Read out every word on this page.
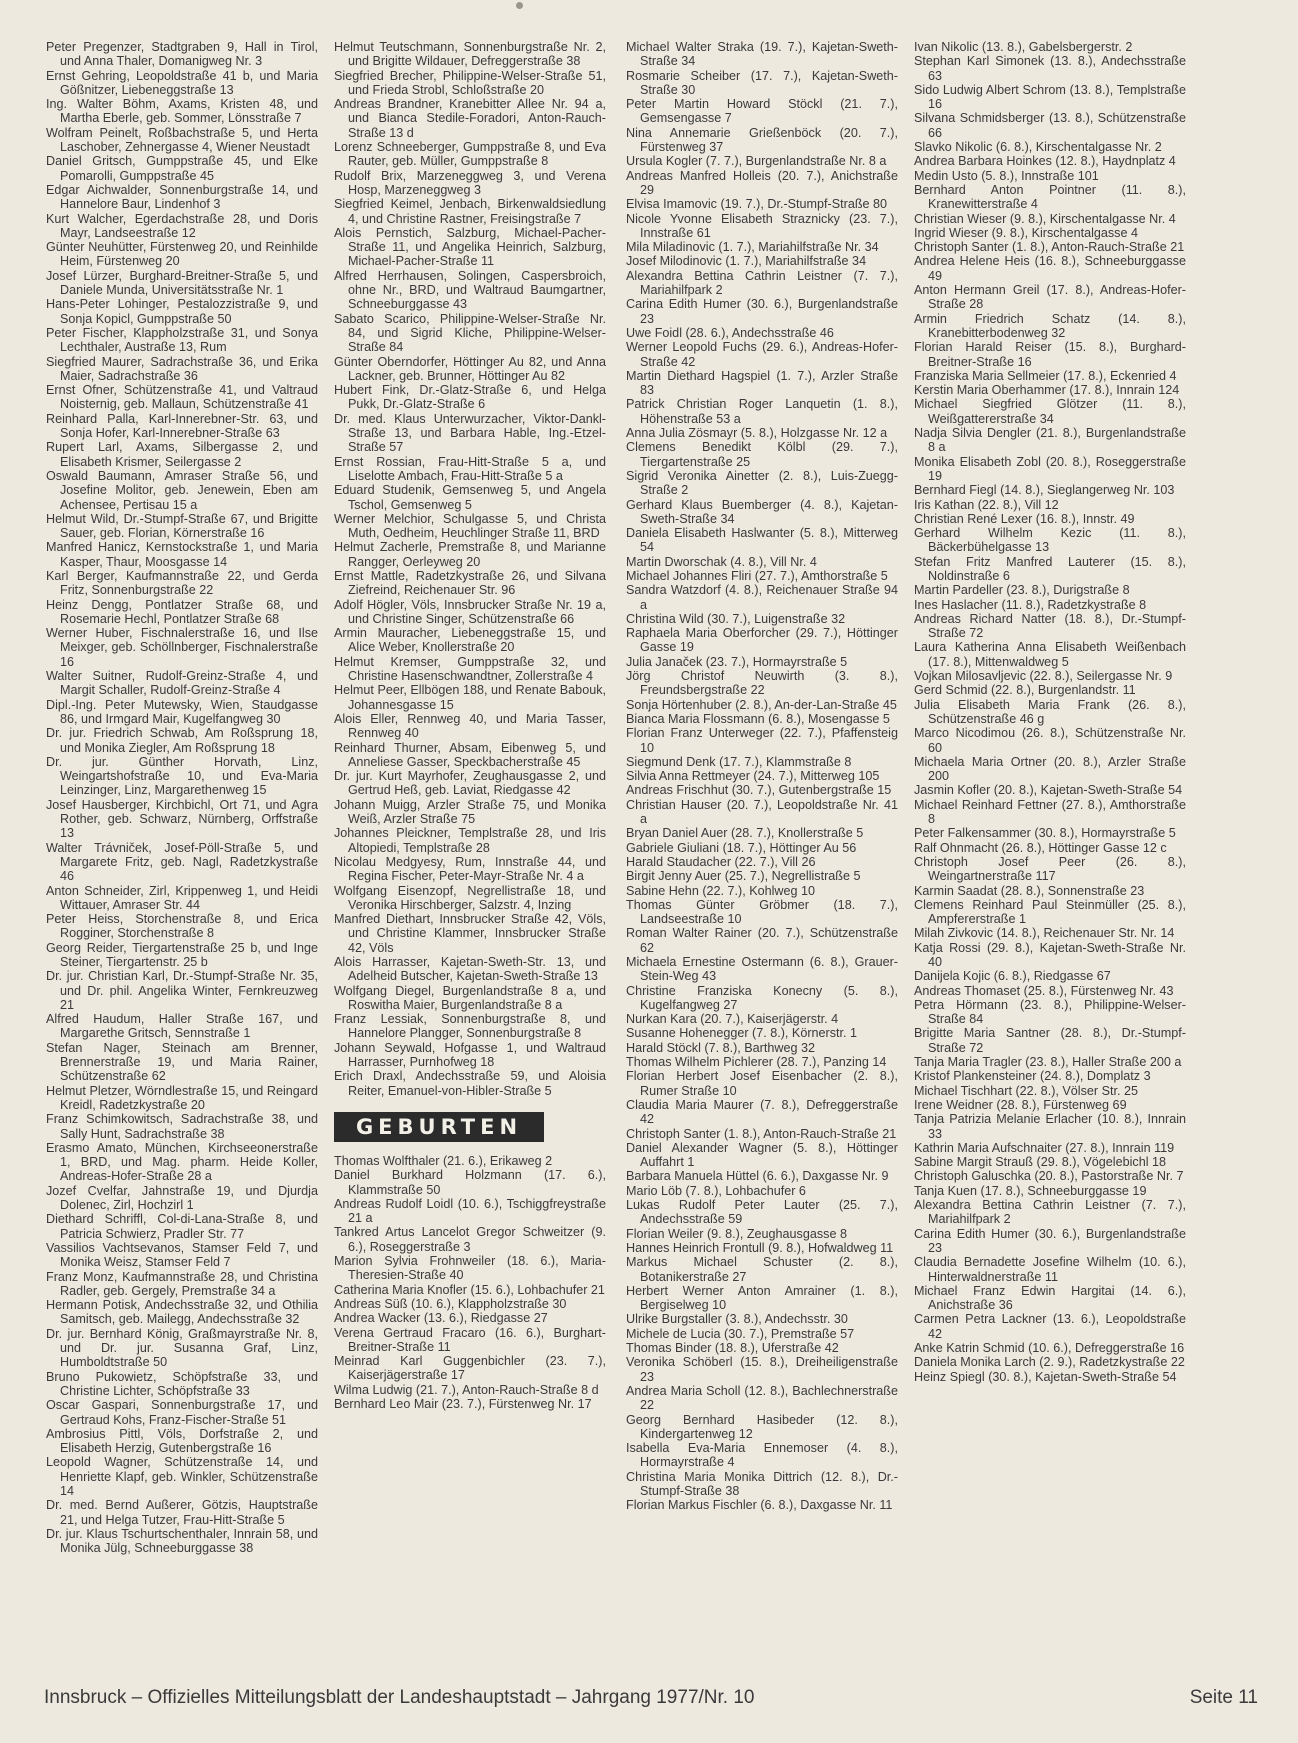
Peter Pregenzer, Stadtgraben 9, Hall in Tirol, und Anna Thaler, Domanigweg Nr. 3

Ernst Gehring, Leopoldstraße 41 b, und Maria Gößnitzer, Liebeneggstraße 13

Ing. Walter Böhm, Axams, Kristen 48, und Martha Eberle, geb. Sommer, Lönsstraße 7

Wolfram Peinelt, Roßbachstraße 5, und Herta Laschober, Zehnergasse 4, Wiener Neustadt

Daniel Gritsch, Gumppstraße 45, und Elke Pomarolli, Gumppstraße 45

Edgar Aichwalder, Sonnenburgstraße 14, und Hannelore Baur, Lindenhof 3

Kurt Walcher, Egerdachstraße 28, und Doris Mayr, Landseestraße 12

Günter Neuhütter, Fürstenweg 20, und Reinhilde Heim, Fürstenweg 20

Josef Lürzer, Burghard-Breitner-Straße 5, und Daniele Munda, Universitätsstraße Nr. 1

Hans-Peter Lohinger, Pestalozzistraße 9, und Sonja Kopicl, Gumppstraße 50

Peter Fischer, Klappholzstraße 31, und Sonya Lechthaler, Austraße 13, Rum

Siegfried Maurer, Sadrachstraße 36, und Erika Maier, Sadrachstraße 36

Ernst Ofner, Schützenstraße 41, und Valtraud Noisternig, geb. Mallaun, Schützenstraße 41

Reinhard Palla, Karl-Innerebner-Str. 63, und Sonja Hofer, Karl-Innerebner-Straße 63

Rupert Larl, Axams, Silbergasse 2, und Elisabeth Krismer, Seilergasse 2

Oswald Baumann, Amraser Straße 56, und Josefine Molitor, geb. Jenewein, Eben am Achensee, Pertisau 15 a

Helmut Wild, Dr.-Stumpf-Straße 67, und Brigitte Sauer, geb. Florian, Körnerstraße 16

Manfred Hanicz, Kernstockstraße 1, und Maria Kasper, Thaur, Moosgasse 14

Karl Berger, Kaufmannstraße 22, und Gerda Fritz, Sonnenburgstraße 22

Heinz Dengg, Pontlatzer Straße 68, und Rosemarie Hechl, Pontlatzer Straße 68

Werner Huber, Fischnalerstraße 16, und Ilse Meixger, geb. Schöllnberger, Fischnalerstraße 16

Walter Suitner, Rudolf-Greinz-Straße 4, und Margit Schaller, Rudolf-Greinz-Straße 4

Dipl.-Ing. Peter Mutewsky, Wien, Staudgasse 86, und Irmgard Mair, Kugelfangweg 30

Dr. jur. Friedrich Schwab, Am Roßsprung 18, und Monika Ziegler, Am Roßsprung 18

Dr. jur. Günther Horvath, Linz, Weingartshofstraße 10, und Eva-Maria Leinzinger, Linz, Margarethenweg 15

Josef Hausberger, Kirchbichl, Ort 71, und Agra Rother, geb. Schwarz, Nürnberg, Orffstraße 13

Walter Trávniček, Josef-Pöll-Straße 5, und Margarete Fritz, geb. Nagl, Radetzkystraße 46

Anton Schneider, Zirl, Krippenweg 1, und Heidi Wittauer, Amraser Str. 44

Peter Heiss, Storchenstraße 8, und Erica Rogginer, Storchenstraße 8

Georg Reider, Tiergartenstraße 25 b, und Inge Steiner, Tiergartenstr. 25 b

Dr. jur. Christian Karl, Dr.-Stumpf-Straße Nr. 35, und Dr. phil. Angelika Winter, Fernkreuzweg 21

Alfred Haudum, Haller Straße 167, und Margarethe Gritsch, Sennstraße 1

Stefan Nager, Steinach am Brenner, Brennerstraße 19, und Maria Rainer, Schützenstraße 62

Helmut Pletzer, Wörndlestraße 15, und Reingard Kreidl, Radetzkystraße 20

Franz Schimkowitsch, Sadrachstraße 38, und Sally Hunt, Sadrachstraße 38

Erasmo Amato, München, Kirchseeonerstraße 1, BRD, und Mag. pharm. Heide Koller, Andreas-Hofer-Straße 28 a

Jozef Cvelfar, Jahnstraße 19, und Djurdja Dolenec, Zirl, Hochzirl 1

Diethard Schriffl, Col-di-Lana-Straße 8, und Patricia Schwierz, Pradler Str. 77

Vassilios Vachtsevanos, Stamser Feld 7, und Monika Weisz, Stamser Feld 7

Franz Monz, Kaufmannstraße 28, und Christina Radler, geb. Gergely, Premstraße 34 a

Hermann Potisk, Andechsstraße 32, und Othilia Samitsch, geb. Mailegg, Andechsstraße 32

Dr. jur. Bernhard König, Graßmayrstraße Nr. 8, und Dr. jur. Susanna Graf, Linz, Humboldtstraße 50

Bruno Pukowietz, Schöpfstraße 33, und Christine Lichter, Schöpfstraße 33

Oscar Gaspari, Sonnenburgstraße 17, und Gertraud Kohs, Franz-Fischer-Straße 51

Ambrosius Pittl, Völs, Dorfstraße 2, und Elisabeth Herzig, Gutenbergstraße 16

Leopold Wagner, Schützenstraße 14, und Henriette Klapf, geb. Winkler, Schützenstraße 14

Dr. med. Bernd Außerer, Götzis, Hauptstraße 21, und Helga Tutzer, Frau-Hitt-Straße 5

Dr. jur. Klaus Tschurtschenthaler, Innrain 58, und Monika Jülg, Schneeburggasse 38

Helmut Teutschmann, Sonnenburgstraße Nr. 2, und Brigitte Wildauer, Defreggerstraße 38

Siegfried Brecher, Philippine-Welser-Straße 51, und Frieda Strobl, Schloßstraße 20

Andreas Brandner, Kranebitter Allee Nr. 94 a, und Bianca Stedile-Foradori, Anton-Rauch-Straße 13 d

Lorenz Schneeberger, Gumppstraße 8, und Eva Rauter, geb. Müller, Gumppstraße 8

Rudolf Brix, Marzeneggweg 3, und Verena Hosp, Marzeneggweg 3

Siegfried Keimel, Jenbach, Birkenwaldsiedlung 4, und Christine Rastner, Freisingstraße 7

Alois Pernstich, Salzburg, Michael-Pacher-Straße 11, und Angelika Heinrich, Salzburg, Michael-Pacher-Straße 11

Alfred Herrhausen, Solingen, Caspersbroich, ohne Nr., BRD, und Waltraud Baumgartner, Schneeburggasse 43

Sabato Scarico, Philippine-Welser-Straße Nr. 84, und Sigrid Kliche, Philippine-Welser-Straße 84

Günter Oberndorfer, Höttinger Au 82, und Anna Lackner, geb. Brunner, Höttinger Au 82

Hubert Fink, Dr.-Glatz-Straße 6, und Helga Pukk, Dr.-Glatz-Straße 6

Dr. med. Klaus Unterwurzacher, Viktor-Dankl-Straße 13, und Barbara Hable, Ing.-Etzel-Straße 57

Ernst Rossian, Frau-Hitt-Straße 5 a, und Liselotte Ambach, Frau-Hitt-Straße 5 a

Eduard Studenik, Gemsenweg 5, und Angela Tschol, Gemsenweg 5

Werner Melchior, Schulgasse 5, und Christa Muth, Oedheim, Heuchlinger Straße 11, BRD

Helmut Zacherle, Premstraße 8, und Marianne Rangger, Oerleyweg 20

Ernst Mattle, Radetzkystraße 26, und Silvana Ziefreind, Reichenauer Str. 96

Adolf Högler, Völs, Innsbrucker Straße Nr. 19 a, und Christine Singer, Schützenstraße 66

Armin Mauracher, Liebeneggstraße 15, und Alice Weber, Knollerstraße 20

Helmut Kremser, Gumppstraße 32, und Christine Hasenschwandtner, Zollerstraße 4

Helmut Peer, Ellbögen 188, und Renate Babouk, Johannesgasse 15

Alois Eller, Rennweg 40, und Maria Tasser, Rennweg 40

Reinhard Thurner, Absam, Eibenweg 5, und Anneliese Gasser, Speckbacherstraße 45

Dr. jur. Kurt Mayrhofer, Zeughausgasse 2, und Gertrud Heß, geb. Laviat, Riedgasse 42

Johann Muigg, Arzler Straße 75, und Monika Weiß, Arzler Straße 75

Johannes Pleickner, Templstraße 28, und Iris Altopiedi, Templstraße 28

Nicolau Medgyesy, Rum, Innstraße 44, und Regina Fischer, Peter-Mayr-Straße Nr. 4 a

Wolfgang Eisenzopf, Negrellistraße 18, und Veronika Hirschberger, Salzstr. 4, Inzing

Manfred Diethart, Innsbrucker Straße 42, Völs, und Christine Klammer, Innsbrucker Straße 42, Völs

Alois Harrasser, Kajetan-Sweth-Str. 13, und Adelheid Butscher, Kajetan-Sweth-Straße 13

Wolfgang Diegel, Burgenlandstraße 8 a, und Roswitha Maier, Burgenlandstraße 8 a

Franz Lessiak, Sonnenburgstraße 8, und Hannelore Plangger, Sonnenburgstraße 8

Johann Seywald, Hofgasse 1, und Waltraud Harrasser, Purnhofweg 18

Erich Draxl, Andechsstraße 59, und Aloisia Reiter, Emanuel-von-Hibler-Straße 5

GEBURTEN

Thomas Wolfthaler (21. 6.), Erikaweg 2

Daniel Burkhard Holzmann (17. 6.), Klammstraße 50

Andreas Rudolf Loidl (10. 6.), Tschiggfreystraße 21 a

Tankred Artus Lancelot Gregor Schweitzer (9. 6.), Roseggerstraße 3

Marion Sylvia Frohnweiler (18. 6.), Maria-Theresien-Straße 40

Catherina Maria Knofler (15. 6.), Lohbachufer 21

Andreas Süß (10. 6.), Klappholzstraße 30

Andrea Wacker (13. 6.), Riedgasse 27

Verena Gertraud Fracaro (16. 6.), Burghart-Breitner-Straße 11

Meinrad Karl Guggenbichler (23. 7.), Kaiserjägerstraße 17

Wilma Ludwig (21. 7.), Anton-Rauch-Straße 8 d

Bernhard Leo Mair (23. 7.), Fürstenweg Nr. 17

Michael Walter Straka (19. 7.), Kajetan-Sweth-Straße 34

Rosmarie Scheiber (17. 7.), Kajetan-Sweth-Straße 30

Peter Martin Howard Stöckl (21. 7.), Gemsengasse 7

Nina Annemarie Grießenböck (20. 7.), Fürstenweg 37

Ursula Kogler (7. 7.), Burgenlandstraße Nr. 8 a

Andreas Manfred Holleis (20. 7.), Anichstraße 29

Elvisa Imamovic (19. 7.), Dr.-Stumpf-Straße 80

Nicole Yvonne Elisabeth Straznicky (23. 7.), Innstraße 61

Mila Miladinovic (1. 7.), Mariahilfstraße Nr. 34

Josef Milodinovic (1. 7.), Mariahilfstraße 34

Alexandra Bettina Cathrin Leistner (7. 7.), Mariahilfpark 2

Carina Edith Humer (30. 6.), Burgenlandstraße 23

Uwe Foidl (28. 6.), Andechsstraße 46

Werner Leopold Fuchs (29. 6.), Andreas-Hofer-Straße 42

Martin Diethard Hagspiel (1. 7.), Arzler Straße 83

Patrick Christian Roger Lanquetin (1. 8.), Höhenstraße 53 a

Anna Julia Zösmayr (5. 8.), Holzgasse Nr. 12 a

Clemens Benedikt Kölbl (29. 7.), Tiergartenstraße 25

Sigrid Veronika Ainetter (2. 8.), Luis-Zuegg-Straße 2

Gerhard Klaus Buemberger (4. 8.), Kajetan-Sweth-Straße 34

Daniela Elisabeth Haslwanter (5. 8.), Mitterweg 54

Martin Dworschak (4. 8.), Vill Nr. 4

Michael Johannes Fliri (27. 7.), Amthorstraße 5

Sandra Watzdorf (4. 8.), Reichenauer Straße 94 a

Christina Wild (30. 7.), Luigenstraße 32

Raphaela Maria Oberforcher (29. 7.), Höttinger Gasse 19

Julia Janaček (23. 7.), Hormayrstraße 5

Jörg Christof Neuwirth (3. 8.), Freundsbergstraße 22

Sonja Hörtenhuber (2. 8.), An-der-Lan-Straße 45

Bianca Maria Flossmann (6. 8.), Mosengasse 5

Florian Franz Unterweger (22. 7.), Pfaffensteig 10

Siegmund Denk (17. 7.), Klammstraße 8

Silvia Anna Rettmeyer (24. 7.), Mitterweg 105

Andreas Frischhut (30. 7.), Gutenbergstraße 15

Christian Hauser (20. 7.), Leopoldstraße Nr. 41 a

Bryan Daniel Auer (28. 7.), Knollerstraße 5

Gabriele Giuliani (18. 7.), Höttinger Au 56

Harald Staudacher (22. 7.), Vill 26

Birgit Jenny Auer (25. 7.), Negrellistraße 5

Sabine Hehn (22. 7.), Kohlweg 10

Thomas Günter Gröbmer (18. 7.), Landseestraße 10

Roman Walter Rainer (20. 7.), Schützenstraße 62

Michaela Ernestine Ostermann (6. 8.), Grauer-Stein-Weg 43

Christine Franziska Konecny (5. 8.), Kugelfangweg 27

Nurkan Kara (20. 7.), Kaiserjägerstr. 4

Susanne Hohenegger (7. 8.), Körnerstr. 1

Harald Stöckl (7. 8.), Barthweg 32

Thomas Wilhelm Pichlerer (28. 7.), Panzing 14

Florian Herbert Josef Eisenbacher (2. 8.), Rumer Straße 10

Claudia Maria Maurer (7. 8.), Defreggerstraße 42

Christoph Santer (1. 8.), Anton-Rauch-Straße 21

Daniel Alexander Wagner (5. 8.), Höttinger Auffahrt 1

Barbara Manuela Hüttel (6. 6.), Daxgasse Nr. 9

Mario Löb (7. 8.), Lohbachufer 6

Lukas Rudolf Peter Lauter (25. 7.), Andechsstraße 59

Florian Weiler (9. 8.), Zeughausgasse 8

Hannes Heinrich Frontull (9. 8.), Hofwaldweg 11

Markus Michael Schuster (2. 8.), Botanikerstraße 27

Herbert Werner Anton Amrainer (1. 8.), Bergiselweg 10

Ulrike Burgstaller (3. 8.), Andechsstr. 30

Michele de Lucia (30. 7.), Premstraße 57

Thomas Binder (18. 8.), Uferstraße 42

Veronika Schöberl (15. 8.), Dreiheiligenstraße 23

Andrea Maria Scholl (12. 8.), Bachlechnerstraße 22

Georg Bernhard Hasibeder (12. 8.), Kindergartenweg 12

Isabella Eva-Maria Ennemoser (4. 8.), Hormayrstraße 4

Christina Maria Monika Dittrich (12. 8.), Dr.-Stumpf-Straße 38

Florian Markus Fischler (6. 8.), Daxgasse Nr. 11

Ivan Nikolic (13. 8.), Gabelsbergerstr. 2

Stephan Karl Simonek (13. 8.), Andechsstraße 63

Sido Ludwig Albert Schrom (13. 8.), Templstraße 16

Silvana Schmidsberger (13. 8.), Schützenstraße 66

Slavko Nikolic (6. 8.), Kirschentalgasse Nr. 2

Andrea Barbara Hoinkes (12. 8.), Haydnplatz 4

Medin Usto (5. 8.), Innstraße 101

Bernhard Anton Pointner (11. 8.), Kranewitterstraße 4

Christian Wieser (9. 8.), Kirschentalgasse Nr. 4

Ingrid Wieser (9. 8.), Kirschentalgasse 4

Christoph Santer (1. 8.), Anton-Rauch-Straße 21

Andrea Helene Heis (16. 8.), Schneeburggasse 49

Anton Hermann Greil (17. 8.), Andreas-Hofer-Straße 28

Armin Friedrich Schatz (14. 8.), Kranebitterbodenweg 32

Florian Harald Reiser (15. 8.), Burghard-Breitner-Straße 16

Franziska Maria Sellmeier (17. 8.), Eckenried 4

Kerstin Maria Oberhammer (17. 8.), Innrain 124

Michael Siegfried Glötzer (11. 8.), Weißgattererstraße 34

Nadja Silvia Dengler (21. 8.), Burgenlandstraße 8 a

Monika Elisabeth Zobl (20. 8.), Roseggerstraße 19

Bernhard Fiegl (14. 8.), Sieglangerweg Nr. 103

Iris Kathan (22. 8.), Vill 12

Christian René Lexer (16. 8.), Innstr. 49

Gerhard Wilhelm Kezic (11. 8.), Bäckerbühelgasse 13

Stefan Fritz Manfred Lauterer (15. 8.), Noldinstraße 6

Martin Pardeller (23. 8.), Durigstraße 8

Ines Haslacher (11. 8.), Radetzkystraße 8

Andreas Richard Natter (18. 8.), Dr.-Stumpf-Straße 72

Laura Katherina Anna Elisabeth Weißenbach (17. 8.), Mittenwaldweg 5

Vojkan Milosavljevic (22. 8.), Seilergasse Nr. 9

Gerd Schmid (22. 8.), Burgenlandstr. 11

Julia Elisabeth Maria Frank (26. 8.), Schützenstraße 46 g

Marco Nicodimou (26. 8.), Schützenstraße Nr. 60

Michaela Maria Ortner (20. 8.), Arzler Straße 200

Jasmin Kofler (20. 8.), Kajetan-Sweth-Straße 54

Michael Reinhard Fettner (27. 8.), Amthorstraße 8

Peter Falkensammer (30. 8.), Hormayrstraße 5

Ralf Ohnmacht (26. 8.), Höttinger Gasse 12 c

Christoph Josef Peer (26. 8.), Weingartnerstraße 117

Karmin Saadat (28. 8.), Sonnenstraße 23

Clemens Reinhard Paul Steinmüller (25. 8.), Ampfererstraße 1

Milah Zivkovic (14. 8.), Reichenauer Str. Nr. 14

Katja Rossi (29. 8.), Kajetan-Sweth-Straße Nr. 40

Danijela Kojic (6. 8.), Riedgasse 67

Andreas Thomaset (25. 8.), Fürstenweg Nr. 43

Petra Hörmann (23. 8.), Philippine-Welser-Straße 84

Brigitte Maria Santner (28. 8.), Dr.-Stumpf-Straße 72

Tanja Maria Tragler (23. 8.), Haller Straße 200 a

Kristof Plankensteiner (24. 8.), Domplatz 3

Michael Tischhart (22. 8.), Völser Str. 25

Irene Weidner (28. 8.), Fürstenweg 69

Tanja Patrizia Melanie Erlacher (10. 8.), Innrain 33

Kathrin Maria Aufschnaiter (27. 8.), Innrain 119

Sabine Margit Strauß (29. 8.), Vögelebichl 18

Christoph Galuschka (20. 8.), Pastorstraße Nr. 7

Tanja Kuen (17. 8.), Schneeburggasse 19

Alexandra Bettina Cathrin Leistner (7. 7.), Mariahilfpark 2

Carina Edith Humer (30. 6.), Burgenlandstraße 23

Claudia Bernadette Josefine Wilhelm (10. 6.), Hinterwaldnerstraße 11

Michael Franz Edwin Hargitai (14. 6.), Anichstraße 36

Carmen Petra Lackner (13. 6.), Leopoldstraße 42

Anke Katrin Schmid (10. 6.), Defreggerstraße 16

Daniela Monika Larch (2. 9.), Radetzkystraße 22

Heinz Spiegl (30. 8.), Kajetan-Sweth-Straße 54

Innsbruck – Offizielles Mitteilungsblatt der Landeshauptstadt – Jahrgang 1977/Nr. 10	Seite 11
